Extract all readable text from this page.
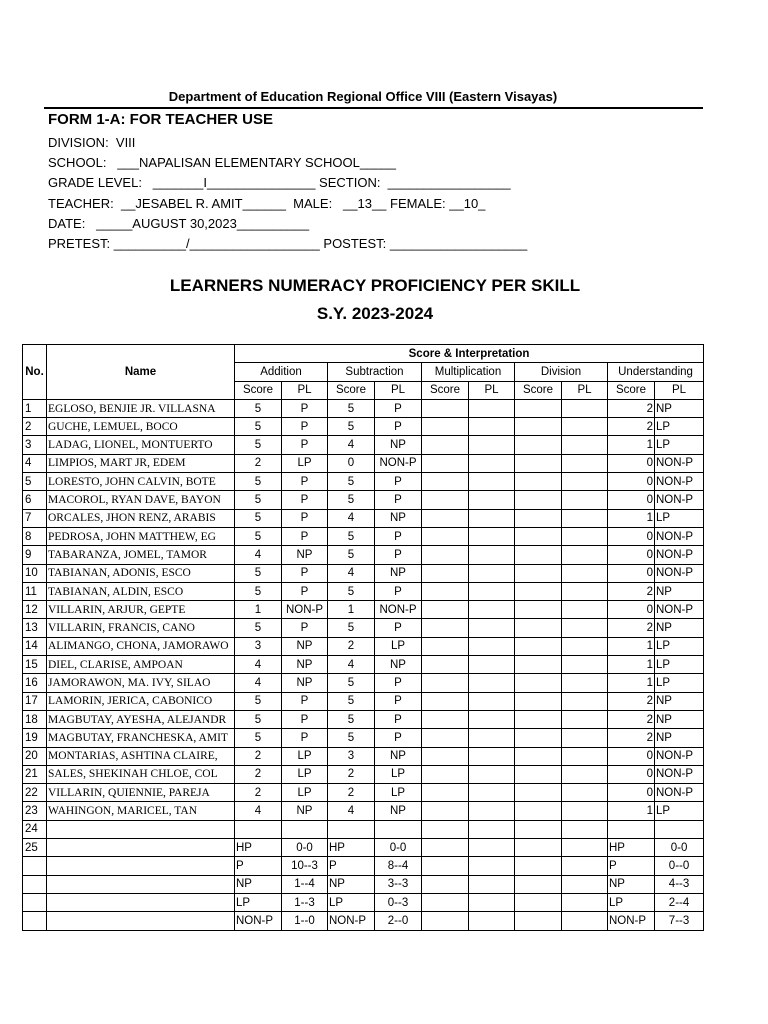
Department of Education Regional Office VIII (Eastern Visayas)
FORM 1-A: FOR TEACHER USE
DIVISION:  VIII
SCHOOL:   ___NAPALISAN ELEMENTARY SCHOOL_____
GRADE LEVEL:   _______I_______________ SECTION:  _________________
TEACHER:  __JESABEL R. AMIT______  MALE:   __13__ FEMALE: __10_
DATE:   _____AUGUST 30,2023__________
PRETEST: __________/__________________ POSTEST: ___________________
LEARNERS NUMERACY PROFICIENCY PER SKILL
S.Y. 2023-2024
No.	Name	Score & Interpretation									
		Addition		Subtraction		Multiplication		Division		Understanding	
		Score	PL	Score	PL	Score	PL	Score	PL	Score	PL
1	EGLOSO, BENJIE JR. VILLASNA	5	P	5	P					2	NP
2	GUCHE, LEMUEL, BOCO	5	P	5	P					2	LP
3	LADAG, LIONEL, MONTUERTO	5	P	4	NP					1	LP
4	LIMPIOS, MART JR, EDEM	2	LP	0	NON-P					0	NON-P
5	LORESTO, JOHN CALVIN, BOTE	5	P	5	P					0	NON-P
6	MACOROL, RYAN DAVE, BAYON	5	P	5	P					0	NON-P
7	ORCALES, JHON RENZ, ARABIS	5	P	4	NP					1	LP
8	PEDROSA, JOHN MATTHEW, EG	5	P	5	P					0	NON-P
9	TABARANZA, JOMEL, TAMOR	4	NP	5	P					0	NON-P
10	TABIANAN, ADONIS, ESCO	5	P	4	NP					0	NON-P
11	TABIANAN, ALDIN, ESCO	5	P	5	P					2	NP
12	VILLARIN, ARJUR, GEPTE	1	NON-P	1	NON-P					0	NON-P
13	VILLARIN, FRANCIS, CANO	5	P	5	P					2	NP
14	ALIMANGO, CHONA, JAMORAWO	3	NP	2	LP					1	LP
15	DIEL, CLARISE, AMPOAN	4	NP	4	NP					1	LP
16	JAMORAWON, MA. IVY, SILAO	4	NP	5	P					1	LP
17	LAMORIN, JERICA, CABONICO	5	P	5	P					2	NP
18	MAGBUTAY, AYESHA, ALEJANDR	5	P	5	P					2	NP
19	MAGBUTAY, FRANCHESKA, AMIT	5	P	5	P					2	NP
20	MONTARIAS, ASHTINA CLAIRE,	2	LP	3	NP					0	NON-P
21	SALES, SHEKINAH CHLOE, COL	2	LP	2	LP					0	NON-P
22	VILLARIN, QUIENNIE, PAREJA	2	LP	2	LP					0	NON-P
23	WAHINGON, MARICEL, TAN	4	NP	4	NP					1	LP
24											
25		HP	0-0	HP	0-0					HP	0-0
		P	10--3	P	8--4					P	0--0
		NP	1--4	NP	3--3					NP	4--3
		LP	1--3	LP	0--3					LP	2--4
		NON-P	1--0	NON-P	2--0					NON-P	7--3
